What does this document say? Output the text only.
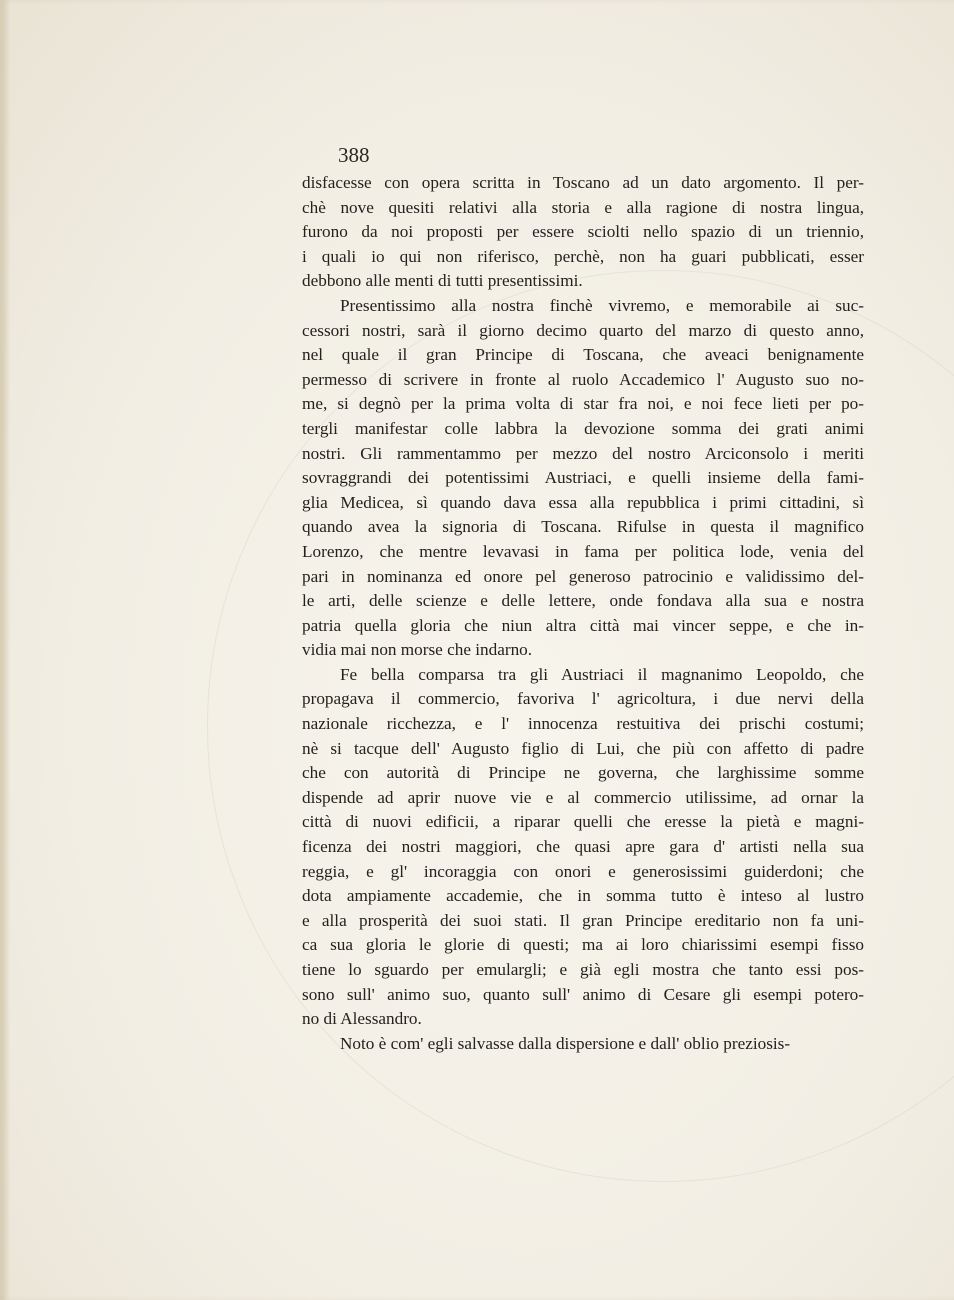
388

disfacesse con opera scritta in Toscano ad un dato argomento. Il per-
chè nove quesiti relativi alla storia e alla ragione di nostra lingua,
furono da noi proposti per essere sciolti nello spazio di un triennio,
i quali io qui non riferisco, perchè, non ha guari pubblicati, esser
debbono alle menti di tutti presentissimi.

Presentissimo alla nostra finchè vivremo, e memorabile ai suc-
cessori nostri, sarà il giorno decimo quarto del marzo di questo anno,
nel quale il gran Principe di Toscana, che aveaci benignamente
permesso di scrivere in fronte al ruolo Accademico l' Augusto suo no-
me, si degnò per la prima volta di star fra noi, e noi fece lieti per po-
tergli manifestar colle labbra la devozione somma dei grati animi
nostri. Gli rammentammo per mezzo del nostro Arciconsolo i meriti
sovraggrandi dei potentissimi Austriaci, e quelli insieme della fami-
glia Medicea, sì quando dava essa alla repubblica i primi cittadini, sì
quando avea la signoria di Toscana. Rifulse in questa il magnifico
Lorenzo, che mentre levavasi in fama per politica lode, venia del
pari in nominanza ed onore pel generoso patrocinio e validissimo del-
le arti, delle scienze e delle lettere, onde fondava alla sua e nostra
patria quella gloria che niun altra città mai vincer seppe, e che in-
vidia mai non morse che indarno.

Fe bella comparsa tra gli Austriaci il magnanimo Leopoldo, che
propagava il commercio, favoriva l' agricoltura, i due nervi della
nazionale ricchezza, e l' innocenza restuitiva dei prischi costumi;
nè si tacque dell' Augusto figlio di Lui, che più con affetto di padre
che con autorità di Principe ne governa, che larghissime somme
dispende ad aprir nuove vie e al commercio utilissime, ad ornar la
città di nuovi edificii, a riparar quelli che eresse la pietà e magni-
ficenza dei nostri maggiori, che quasi apre gara d' artisti nella sua
reggia, e gl' incoraggia con onori e generosissimi guiderdoni; che
dota ampiamente accademie, che in somma tutto è inteso al lustro
e alla prosperità dei suoi stati. Il gran Principe ereditario non fa uni-
ca sua gloria le glorie di questi; ma ai loro chiarissimi esempi fisso
tiene lo sguardo per emulargli; e già egli mostra che tanto essi pos-
sono sull' animo suo, quanto sull' animo di Cesare gli esempi potero-
no di Alessandro.

Noto è com' egli salvasse dalla dispersione e dall' oblio preziosis-
